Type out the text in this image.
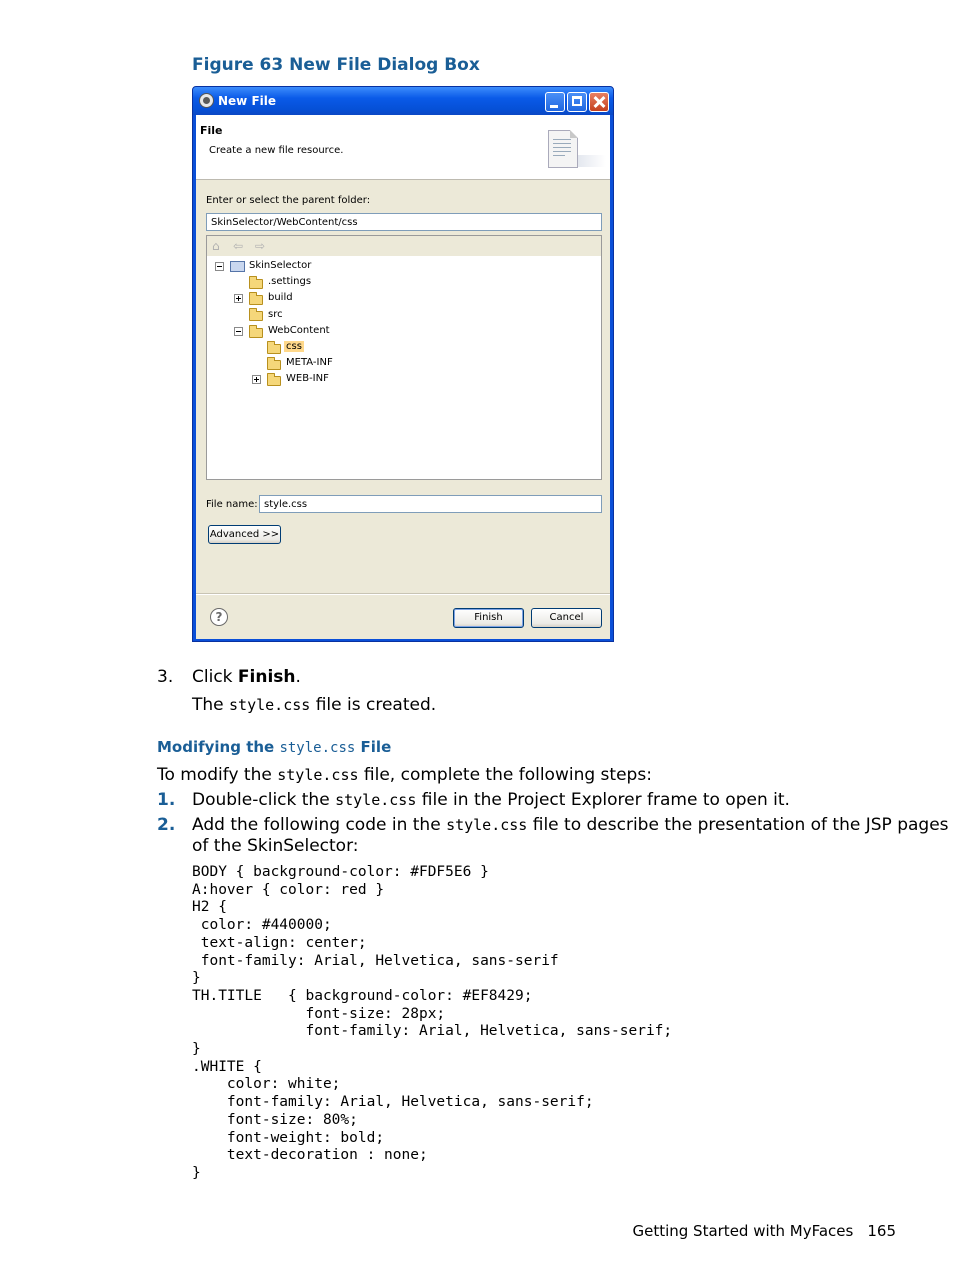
Figure 63 New File Dialog Box
New File
File
Create a new file resource.
Enter or select the parent folder:
SkinSelector/WebContent/css
⌂ ⇦ ⇨
SkinSelector
.settings
build
src
WebContent
css
META-INF
WEB-INF
File name: style.css
Advanced >>
?	Finish	Cancel
3. Click Finish.
The style.css file is created.
Modifying the style.css File
To modify the style.css file, complete the following steps:
1. Double-click the style.css file in the Project Explorer frame to open it.
2. Add the following code in the style.css file to describe the presentation of the JSP pages
of the SkinSelector:
BODY { background-color: #FDF5E6 }
A:hover { color: red }
H2 {
color: #440000;
text-align: center;
font-family: Arial, Helvetica, sans-serif
}
TH.TITLE   { background-color: #EF8429;
font-size: 28px;
font-family: Arial, Helvetica, sans-serif;
}
.WHITE {
color: white;
font-family: Arial, Helvetica, sans-serif;
font-size: 80%;
font-weight: bold;
text-decoration : none;
}
Getting Started with MyFaces 165
